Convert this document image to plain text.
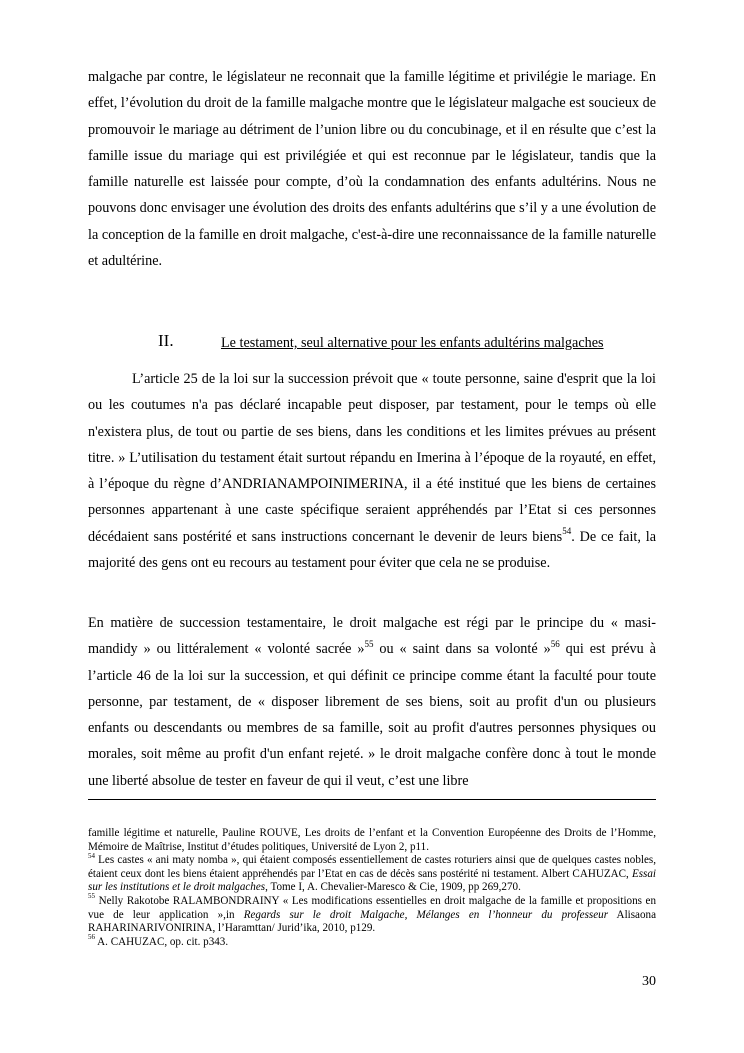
malgache par contre, le législateur ne reconnait que la famille légitime et privilégie le mariage. En effet, l’évolution du droit de la famille malgache montre que le législateur malgache est soucieux de promouvoir le mariage au détriment de l’union libre ou du concubinage, et il en résulte que c’est la famille issue du mariage qui est privilégiée et qui est reconnue par le législateur, tandis que la famille naturelle est laissée pour compte, d’où la condamnation des enfants adultérins. Nous ne pouvons donc envisager une évolution des droits des enfants adultérins que s’il y a une évolution de la conception de la famille en droit malgache, c'est-à-dire une reconnaissance de la famille naturelle et adultérine.

II.	Le testament, seul alternative pour les enfants adultérins malgaches

L’article 25 de la loi sur la succession prévoit que « toute personne, saine d'esprit que la loi ou les coutumes n'a pas déclaré incapable peut disposer, par testament, pour le temps où elle n'existera plus, de tout ou partie de ses biens, dans les conditions et les limites prévues au présent titre. » L’utilisation du testament était surtout répandu en Imerina à l’époque de la royauté, en effet, à l’époque du règne d’ANDRIANAMPOINIMERINA, il a été institué que les biens de certaines personnes appartenant à une caste spécifique seraient appréhendés par l’Etat si ces personnes décédaient sans postérité et sans instructions concernant le devenir de leurs biens$^{54}$. De ce fait, la majorité des gens ont eu recours au testament pour éviter que cela ne se produise.

En matière de succession testamentaire, le droit malgache est régi par le principe du « masi-mandidy » ou littéralement « volonté sacrée »$^{55}$ ou « saint dans sa volonté »$^{56}$ qui est prévu à l’article 46 de la loi sur la succession, et qui définit ce principe comme étant la faculté pour toute personne, par testament, de « disposer librement de ses biens, soit au profit d'un ou plusieurs enfants ou descendants ou membres de sa famille, soit au profit d'autres personnes physiques ou morales, soit même au profit d'un enfant rejeté. » le droit malgache confère donc à tout le monde une liberté absolue de tester en faveur de qui il veut, c’est une libre

famille légitime et naturelle, Pauline ROUVE, Les droits de l’enfant et la Convention Européenne des Droits de l’Homme, Mémoire de Maîtrise, Institut d’études politiques, Université de Lyon 2, p11.

$^{54}$ Les castes « ani maty nomba », qui étaient composés essentiellement de castes roturiers ainsi que de quelques castes nobles, étaient ceux dont les biens étaient appréhendés par l’Etat en cas de décès sans postérité ni testament. Albert CAHUZAC, Essai sur les institutions et le droit malgaches, Tome I, A. Chevalier-Maresco & Cie, 1909, pp 269,270.

$^{55}$ Nelly Rakotobe RALAMBONDRAINY « Les modifications essentielles en droit malgache de la famille et propositions en vue de leur application »,in Regards sur le droit Malgache, Mélanges en l’honneur du professeur Alisaona RAHARINARIVONIRINA, l’Haramttan/ Jurid’ika, 2010, p129.

$^{56}$ A. CAHUZAC, op. cit. p343.

30
